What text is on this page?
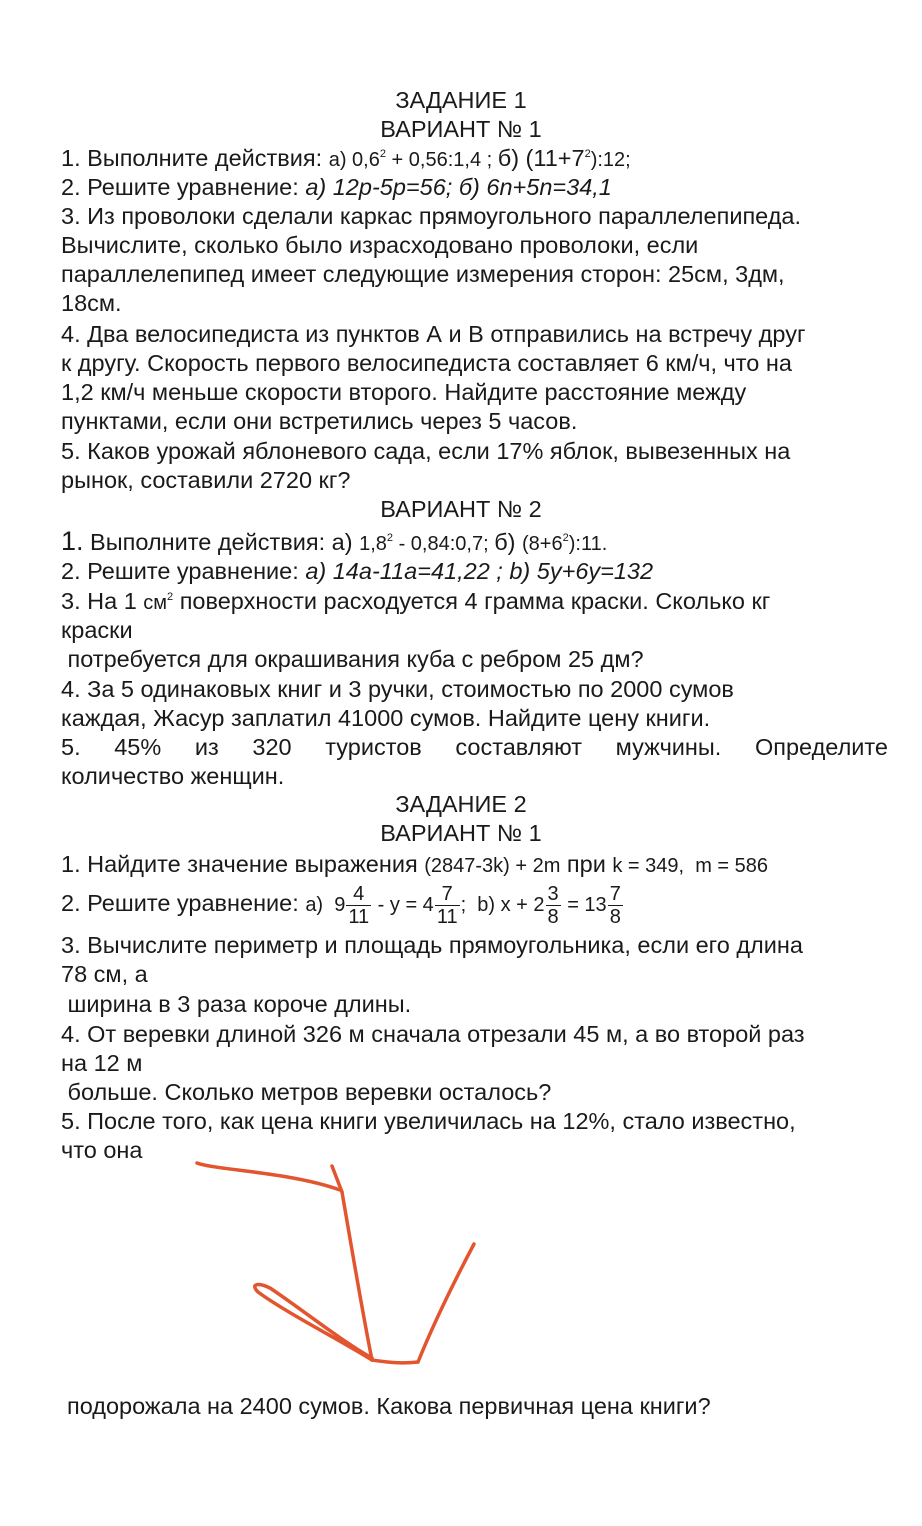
ЗАДАНИЕ 1
ВАРИАНТ № 1
1. Выполните действия: а) $0,6^2$ + 0,56:1,4 ; б) $(11+7^2):12$;
2. Решите уравнение: а) 12p-5p=56; б) 6n+5n=34,1
3. Из проволоки сделали каркас прямоугольного параллелепипеда.
Вычислите, сколько было израсходовано проволоки, если
параллелепипед имеет следующие измерения сторон: 25см, 3дм,
18см.
4. Два велосипедиста из пунктов А и В отправились на встречу друг
к другу. Скорость первого велосипедиста составляет 6 км/ч, что на
1,2 км/ч меньше скорости второго. Найдите расстояние между
пунктами, если они встретились через 5 часов.
5. Каков урожай яблоневого сада, если 17% яблок, вывезенных на
рынок, составили 2720 кг?
ВАРИАНТ № 2
1. Выполните действия: а) $1,8^2$ - 0,84:0,7; б) $(8+6^2):11$.
2. Решите уравнение: а) 14a-11a=41,22 ; b) 5y+6y=132
3. На 1 $см^2$ поверхности расходуется 4 грамма краски. Сколько кг
краски
потребуется для окрашивания куба с ребром 25 дм?
4. За 5 одинаковых книг и 3 ручки, стоимостью по 2000 сумов
каждая, Жасур заплатил 41000 сумов. Найдите цену книги.
5. 45% из 320 туристов составляют мужчины. Определите
количество женщин.
ЗАДАНИЕ 2
ВАРИАНТ № 1
1. Найдите значение выражения (2847-3k) + 2m при k = 349,  m = 586
2. Решите уравнение: а)  $9 \frac{4}{11} - y = 4 \frac{7}{11}$ ;  b) $x + 2 \frac{3}{8} = 13 \frac{7}{8}$
3. Вычислите периметр и площадь прямоугольника, если его длина
78 см, а
ширина в 3 раза короче длины.
4. От веревки длиной 326 м сначала отрезали 45 м, а во второй раз
на 12 м
больше. Сколько метров веревки осталось?
5. После того, как цена книги увеличилась на 12%, стало известно,
что она
подорожала на 2400 сумов. Какова первичная цена книги?
